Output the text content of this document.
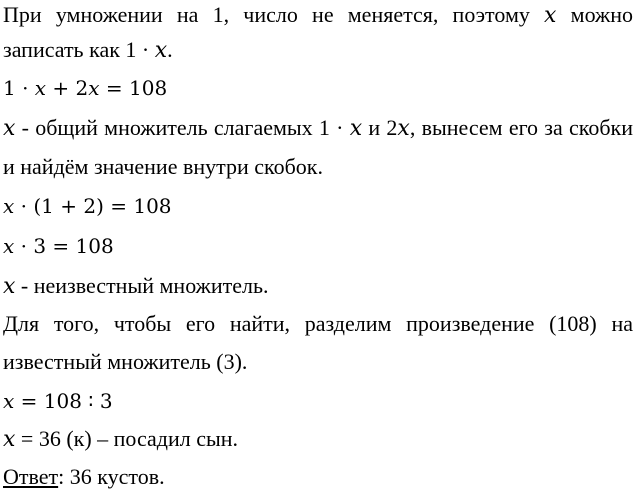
При умножении на 1, число не меняется, поэтому 𝑥 можно
записать как 1 · 𝑥.
1 · 𝑥 + 2𝑥 = 108
𝑥 - общий множитель слагаемых 1 · 𝑥 и 2𝑥, вынесем его за скобки
и найдём значение внутри скобок.
𝑥 · (1 + 2) = 108
𝑥 · 3 = 108
𝑥 - неизвестный множитель.
Для того, чтобы его найти, разделим произведение (108) на
известный множитель (3).
𝑥 = 108 ∶ 3
𝑥 = 36 (к) – посадил сын.
Ответ: 36 кустов.
